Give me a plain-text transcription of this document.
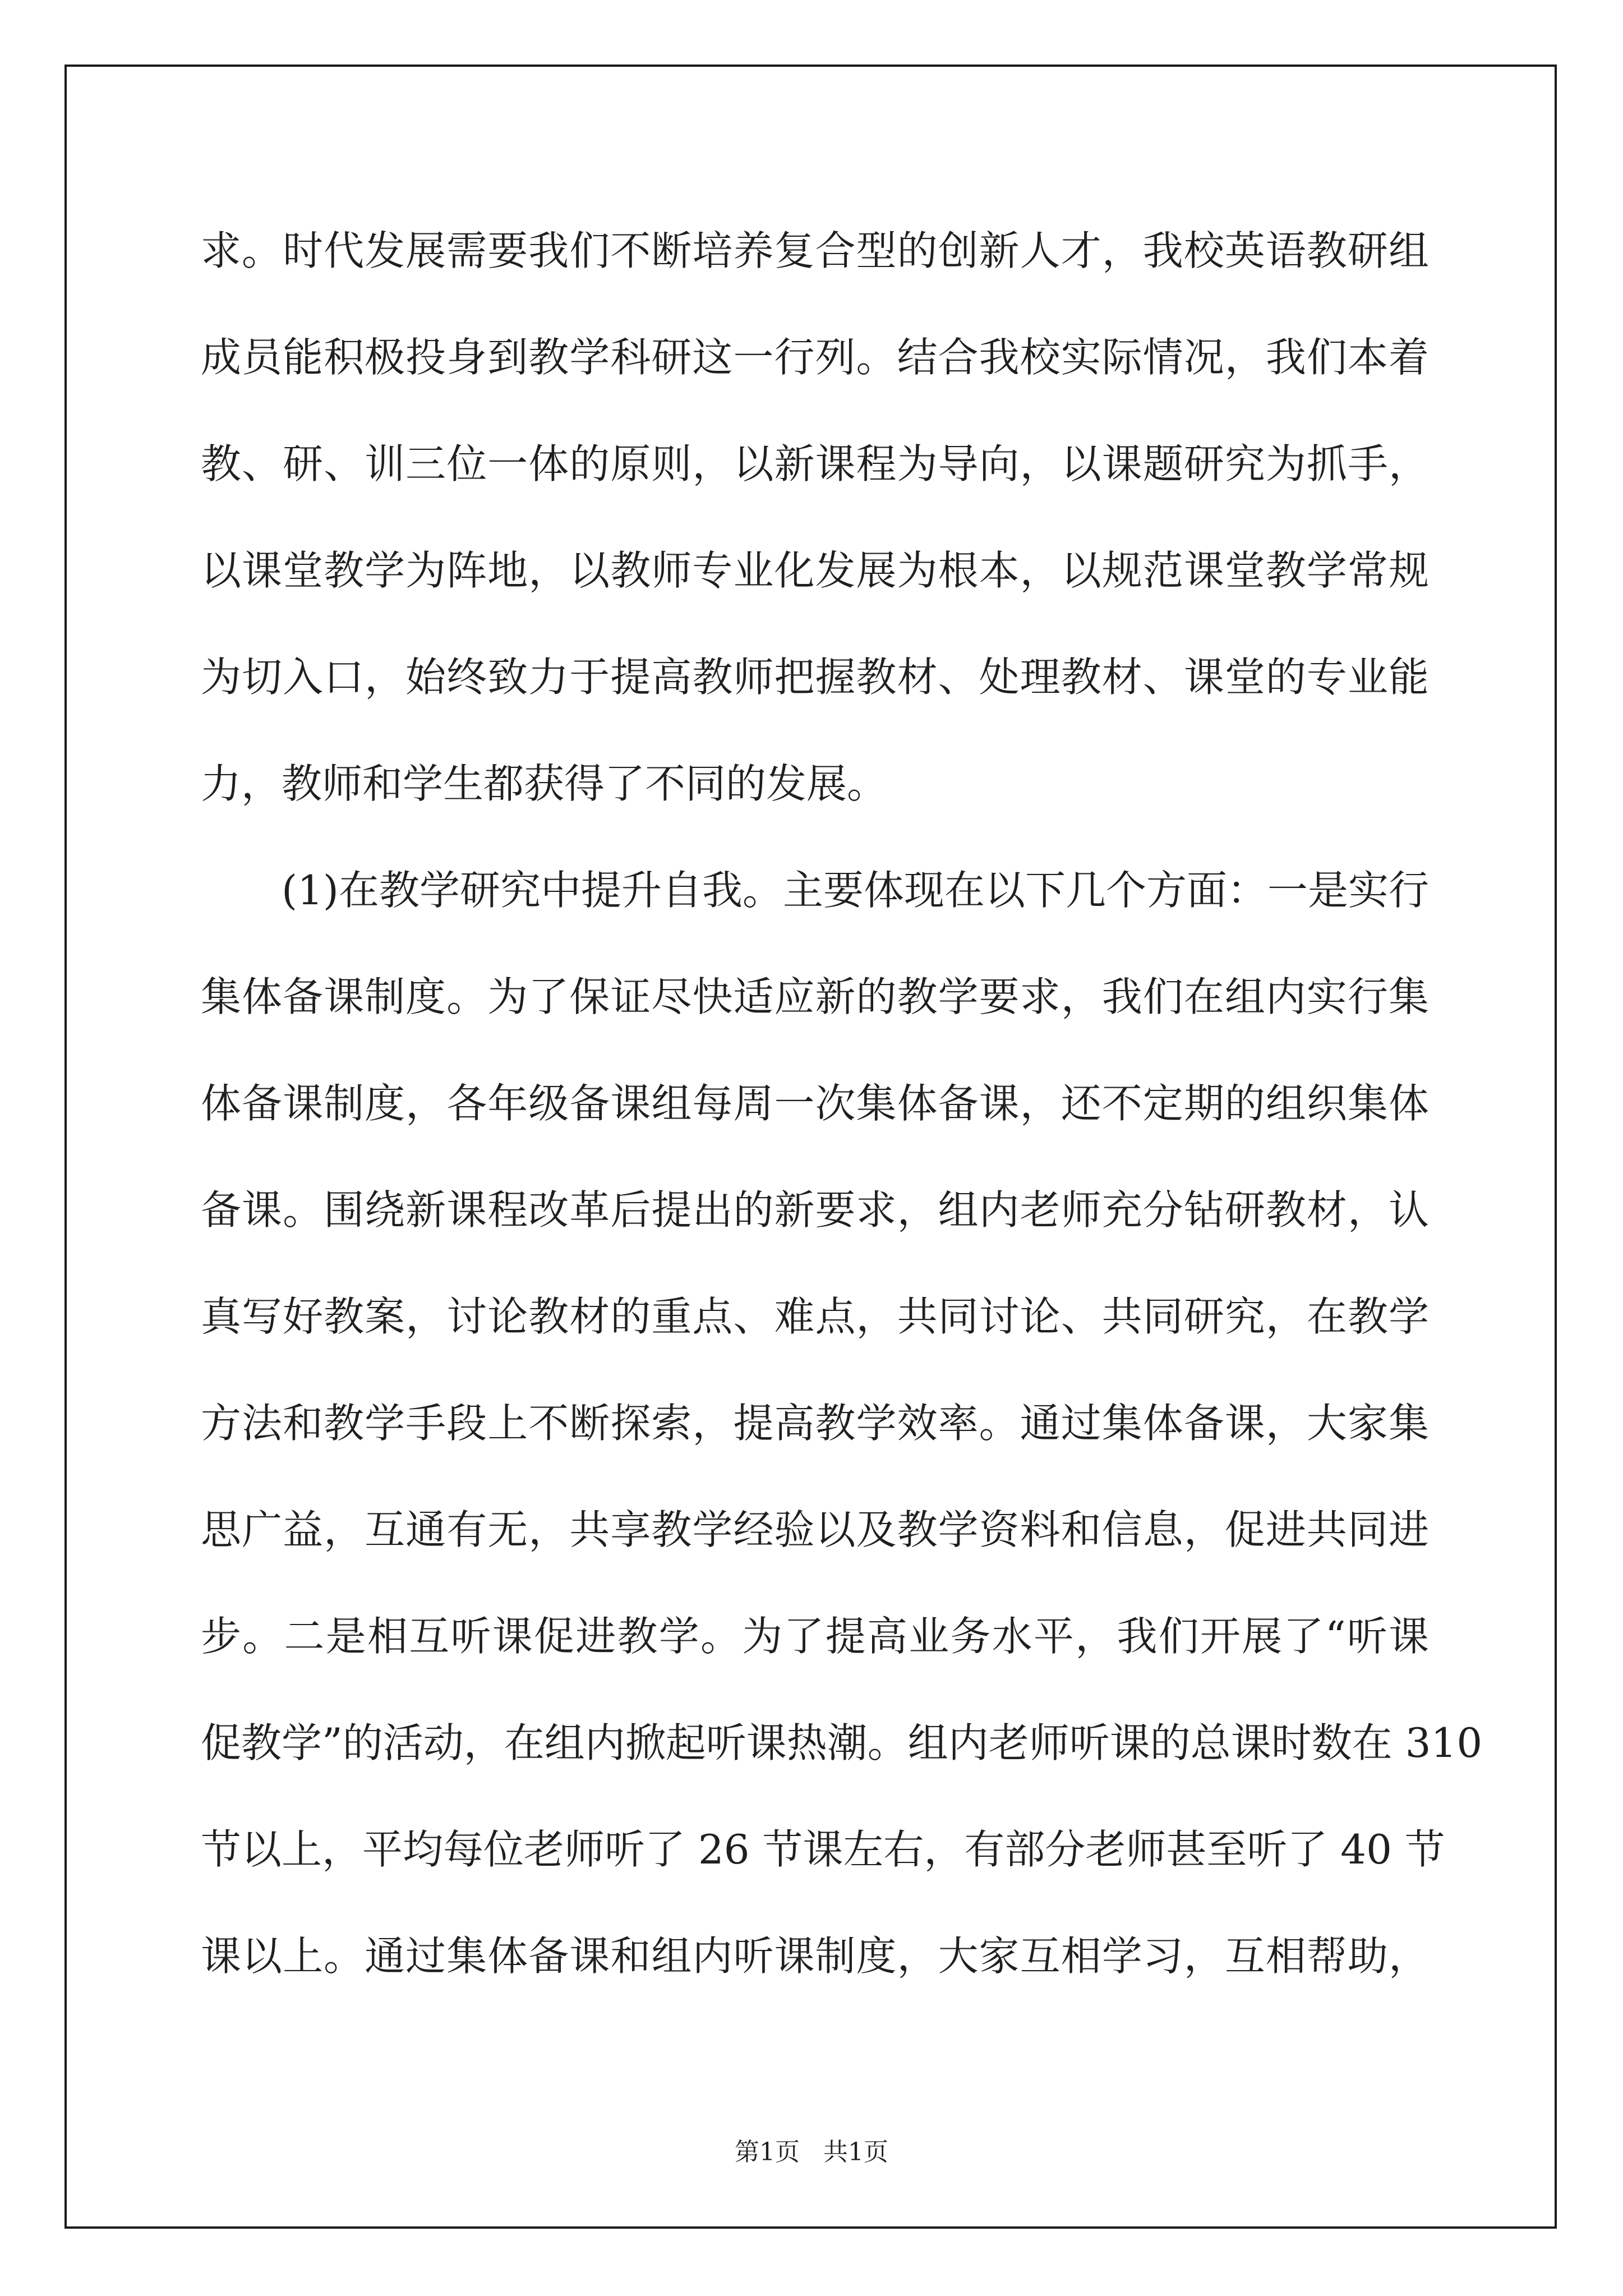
求。时代发展需要我们不断培养复合型的创新人才，我校英语教研组
成员能积极投身到教学科研这一行列。结合我校实际情况，我们本着
教、研、训三位一体的原则，以新课程为导向，以课题研究为抓手，
以课堂教学为阵地，以教师专业化发展为根本，以规范课堂教学常规
为切入口，始终致力于提高教师把握教材、处理教材、课堂的专业能
力，教师和学生都获得了不同的发展。
(1)在教学研究中提升自我。主要体现在以下几个方面：一是实行
集体备课制度。为了保证尽快适应新的教学要求，我们在组内实行集
体备课制度，各年级备课组每周一次集体备课，还不定期的组织集体
备课。围绕新课程改革后提出的新要求，组内老师充分钻研教材，认
真写好教案，讨论教材的重点、难点，共同讨论、共同研究，在教学
方法和教学手段上不断探索，提高教学效率。通过集体备课，大家集
思广益，互通有无，共享教学经验以及教学资料和信息，促进共同进
步。二是相互听课促进教学。为了提高业务水平，我们开展了“听课
促教学”的活动，在组内掀起听课热潮。组内老师听课的总课时数在 310
节以上，平均每位老师听了 26 节课左右，有部分老师甚至听了 40 节
课以上。通过集体备课和组内听课制度，大家互相学习，互相帮助，
第1页 共1页
